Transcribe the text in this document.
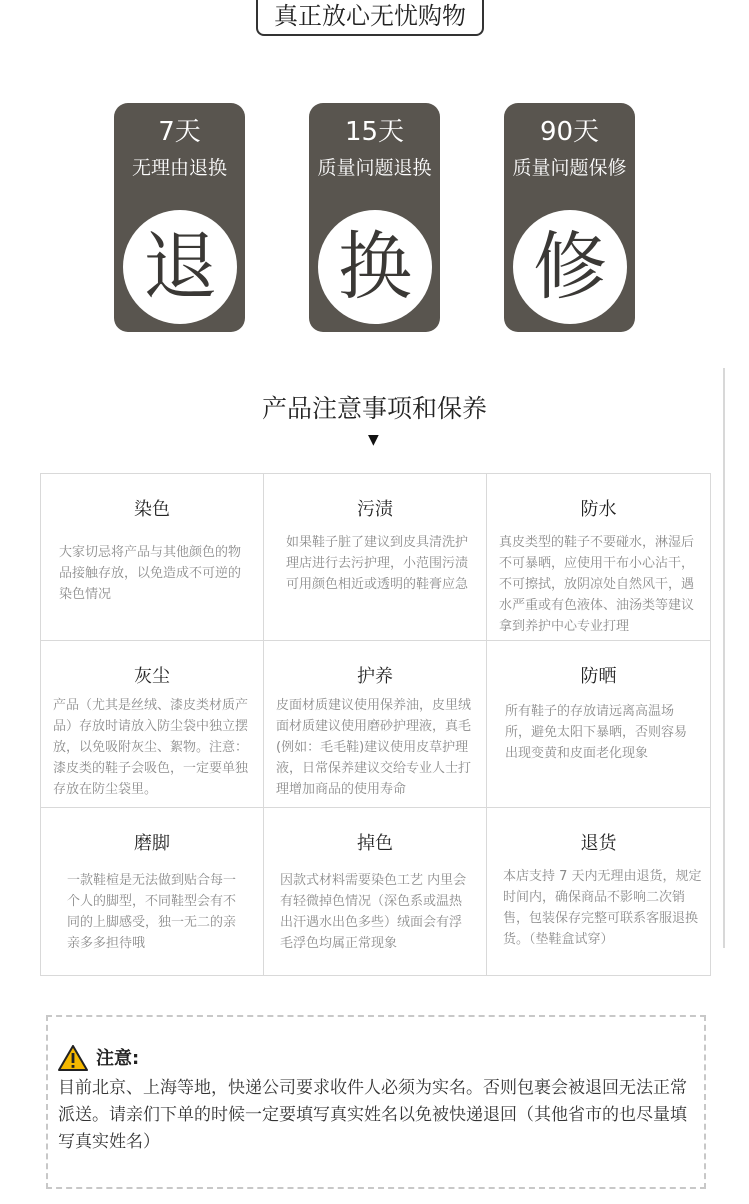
真正放心无忧购物
7天
无理由退换
退
15天
质量问题退换
换
90天
质量问题保修
修
产品注意事项和保养
▼
染色
大家切忌将产品与其他颜色的物品接触存放，以免造成不可逆的染色情况
污渍
如果鞋子脏了建议到皮具清洗护理店进行去污护理，小范围污渍可用颜色相近或透明的鞋膏应急
防水
真皮类型的鞋子不要碰水，淋湿后不可暴晒，应使用干布小心沾干，不可擦拭，放阴凉处自然风干，遇水严重或有色液体、油汤类等建议拿到养护中心专业打理
灰尘
产品（尤其是丝绒、漆皮类材质产品）存放时请放入防尘袋中独立摆放，以免吸附灰尘、絮物。注意：漆皮类的鞋子会吸色，一定要单独存放在防尘袋里。
护养
皮面材质建议使用保养油，皮里绒面材质建议使用磨砂护理液，真毛(例如：毛毛鞋)建议使用皮草护理液，日常保养建议交给专业人士打理增加商品的使用寿命
防晒
所有鞋子的存放请远离高温场所，避免太阳下暴晒，否则容易出现变黄和皮面老化现象
磨脚
一款鞋楦是无法做到贴合每一个人的脚型，不同鞋型会有不同的上脚感受，独一无二的亲亲多多担待哦
掉色
因款式材料需要染色工艺 内里会有轻微掉色情况（深色系或温热出汗遇水出色多些）绒面会有浮毛浮色均属正常现象
退货
本店支持 7 天内无理由退货，规定时间内，确保商品不影响二次销售，包装保存完整可联系客服退换货。（垫鞋盒试穿）
注意:
目前北京、上海等地，快递公司要求收件人必须为实名。否则包裹会被退回无法正常派送。请亲们下单的时候一定要填写真实姓名以免被快递退回（其他省市的也尽量填写真实姓名）
